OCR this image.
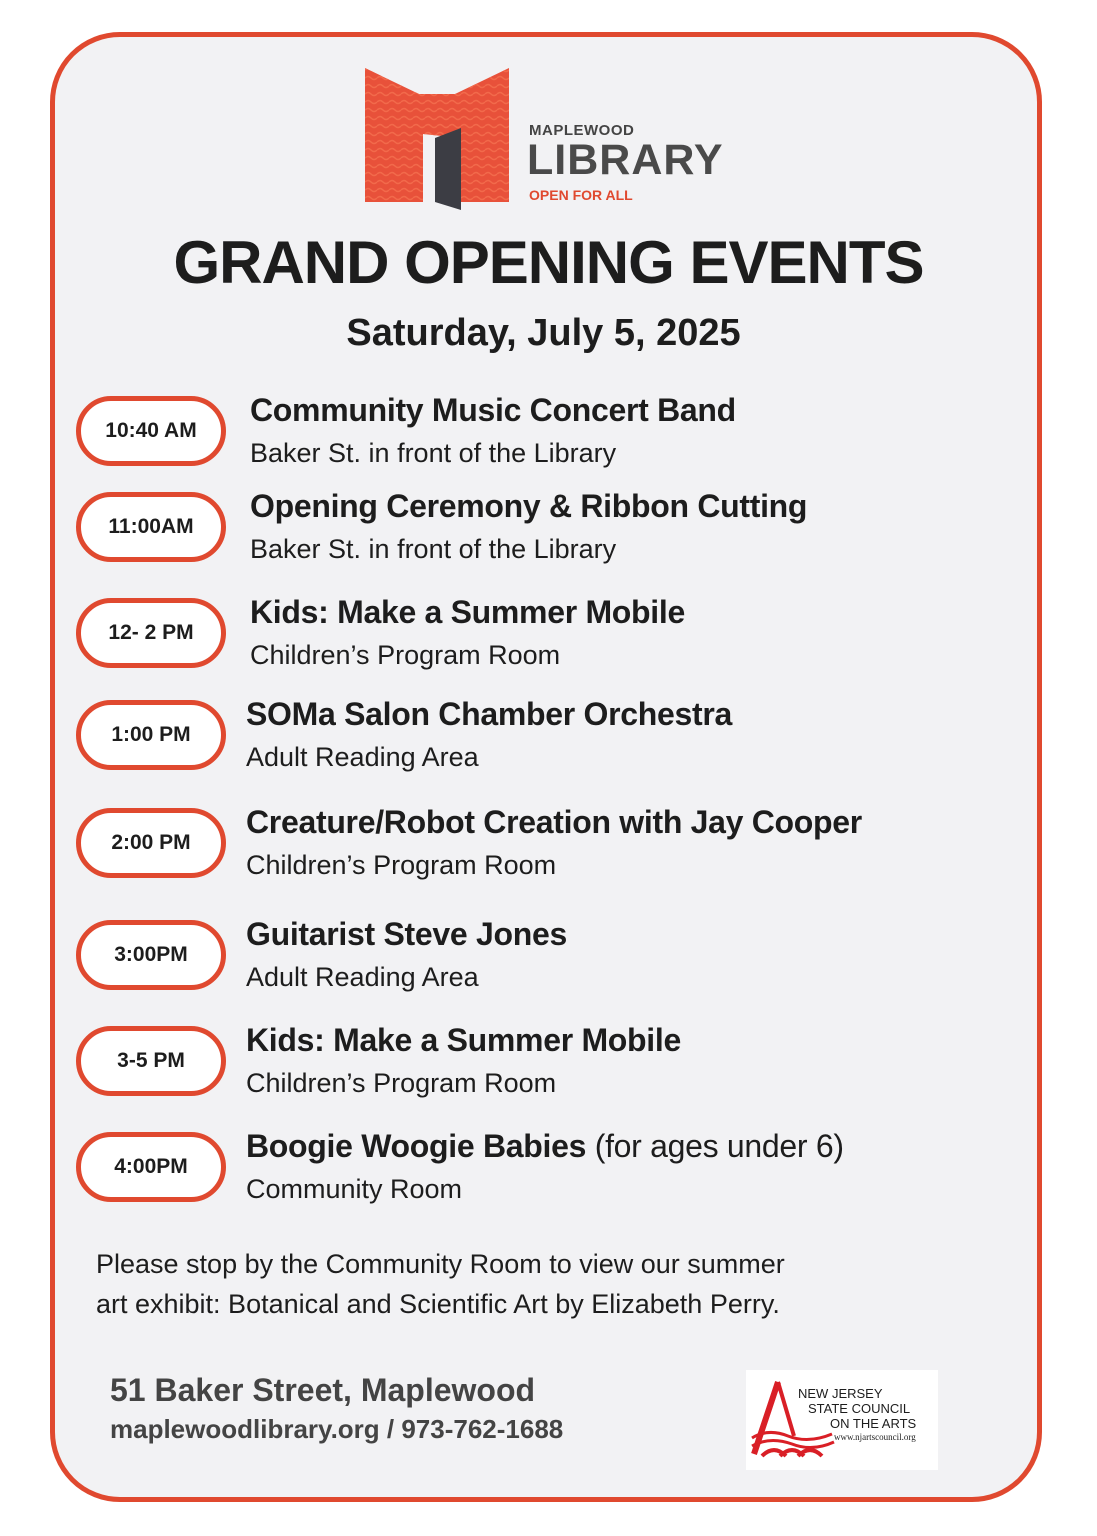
MAPLEWOOD
LIBRARY
OPEN FOR ALL
GRAND OPENING EVENTS
Saturday, July 5, 2025
10:40 AM
Community Music Concert Band
Baker St. in front of the Library
11:00AM
Opening Ceremony & Ribbon Cutting
Baker St. in front of the Library
12- 2 PM
Kids: Make a Summer Mobile
Children’s Program Room
1:00 PM
SOMa Salon Chamber Orchestra
Adult Reading Area
2:00 PM
Creature/Robot Creation with Jay Cooper
Children’s Program Room
3:00PM
Guitarist Steve Jones
Adult Reading Area
3-5 PM
Kids: Make a Summer Mobile
Children’s Program Room
4:00PM
Boogie Woogie Babies (for ages under 6)
Community Room
Please stop by the Community Room to view our summer
art exhibit: Botanical and Scientific Art by Elizabeth Perry.
51 Baker Street, Maplewood
maplewoodlibrary.org / 973-762-1688
NEW JERSEY
STATE COUNCIL
ON THE ARTS
www.njartscouncil.org
